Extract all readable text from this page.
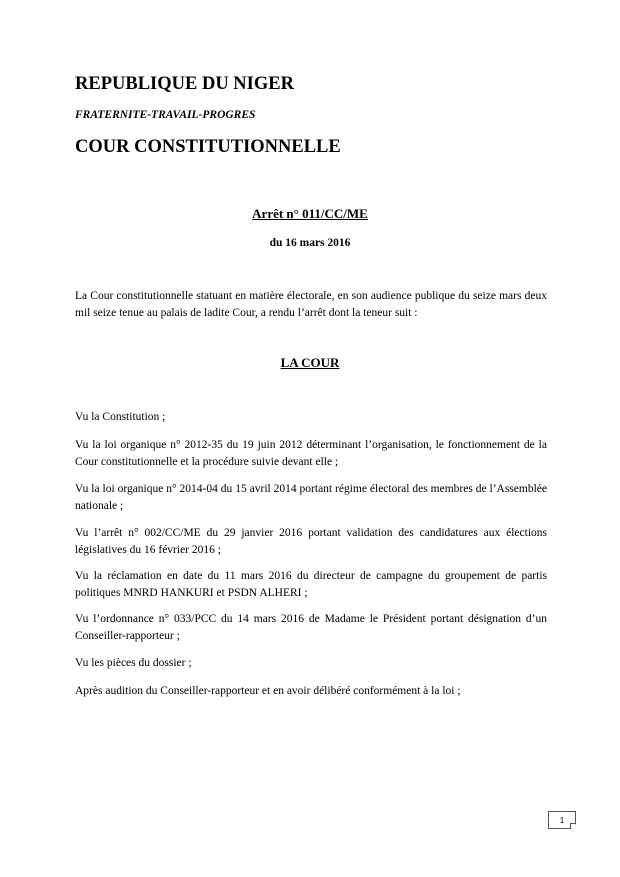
REPUBLIQUE DU NIGER
FRATERNITE-TRAVAIL-PROGRES
COUR CONSTITUTIONNELLE
Arrêt n° 011/CC/ME
du 16 mars 2016
La Cour constitutionnelle statuant en matière électorale, en son audience publique du seize mars deux mil seize tenue au palais de ladite Cour, a rendu l’arrêt dont la teneur suit :
LA COUR
Vu la Constitution ;
Vu la loi organique n° 2012-35 du 19 juin 2012 déterminant l’organisation, le fonctionnement de la Cour constitutionnelle et la procédure suivie devant elle ;
Vu la loi organique n° 2014-04 du 15 avril 2014 portant régime électoral des membres de l’Assemblée nationale ;
Vu l’arrêt n° 002/CC/ME du 29 janvier 2016 portant validation des candidatures aux élections législatives du 16 février 2016 ;
Vu la réclamation en date du 11 mars 2016 du directeur de campagne du groupement de partis politiques MNRD HANKURI et PSDN ALHERI ;
Vu l’ordonnance n° 033/PCC du 14 mars 2016 de Madame le Président portant désignation d’un Conseiller-rapporteur ;
Vu les pièces du dossier ;
Après audition du Conseiller-rapporteur et en avoir délibéré conformément à la loi ;
1
